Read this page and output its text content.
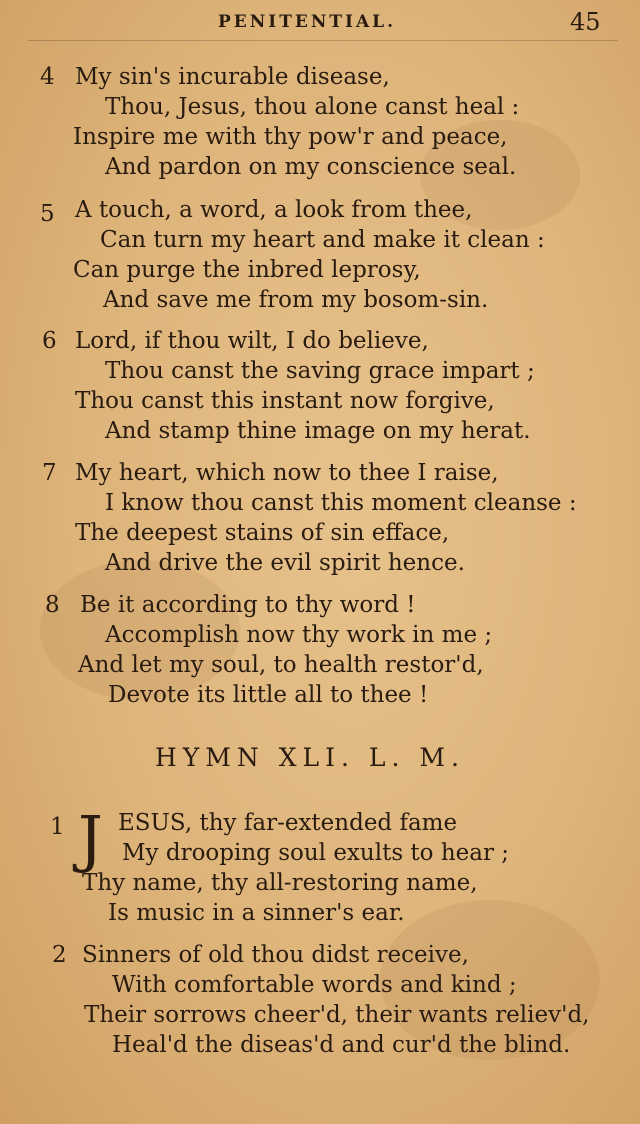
PENITENTIAL.	45
4 My sin's incurable disease,
Thou, Jesus, thou alone canst heal :
Inspire me with thy pow'r and peace,
And pardon on my conscience seal.
5 A touch, a word, a look from thee,
Can turn my heart and make it clean :
Can purge the inbred leprosy,
And save me from my bosom-sin.
6 Lord, if thou wilt, I do believe,
Thou canst the saving grace impart ;
Thou canst this instant now forgive,
And stamp thine image on my herat.
7 My heart, which now to thee I raise,
I know thou canst this moment cleanse :
The deepest stains of sin efface,
And drive the evil spirit hence.
8 Be it according to thy word !
Accomplish now thy work in me ;
And let my soul, to health restor'd,
Devote its little all to thee !
HYMN XLI. L. M.
1 J ESUS, thy far-extended fame
My drooping soul exults to hear ;
Thy name, thy all-restoring name,
Is music in a sinner's ear.
2 Sinners of old thou didst receive,
With comfortable words and kind ;
Their sorrows cheer'd, their wants reliev'd,
Heal'd the diseas'd and cur'd the blind.
